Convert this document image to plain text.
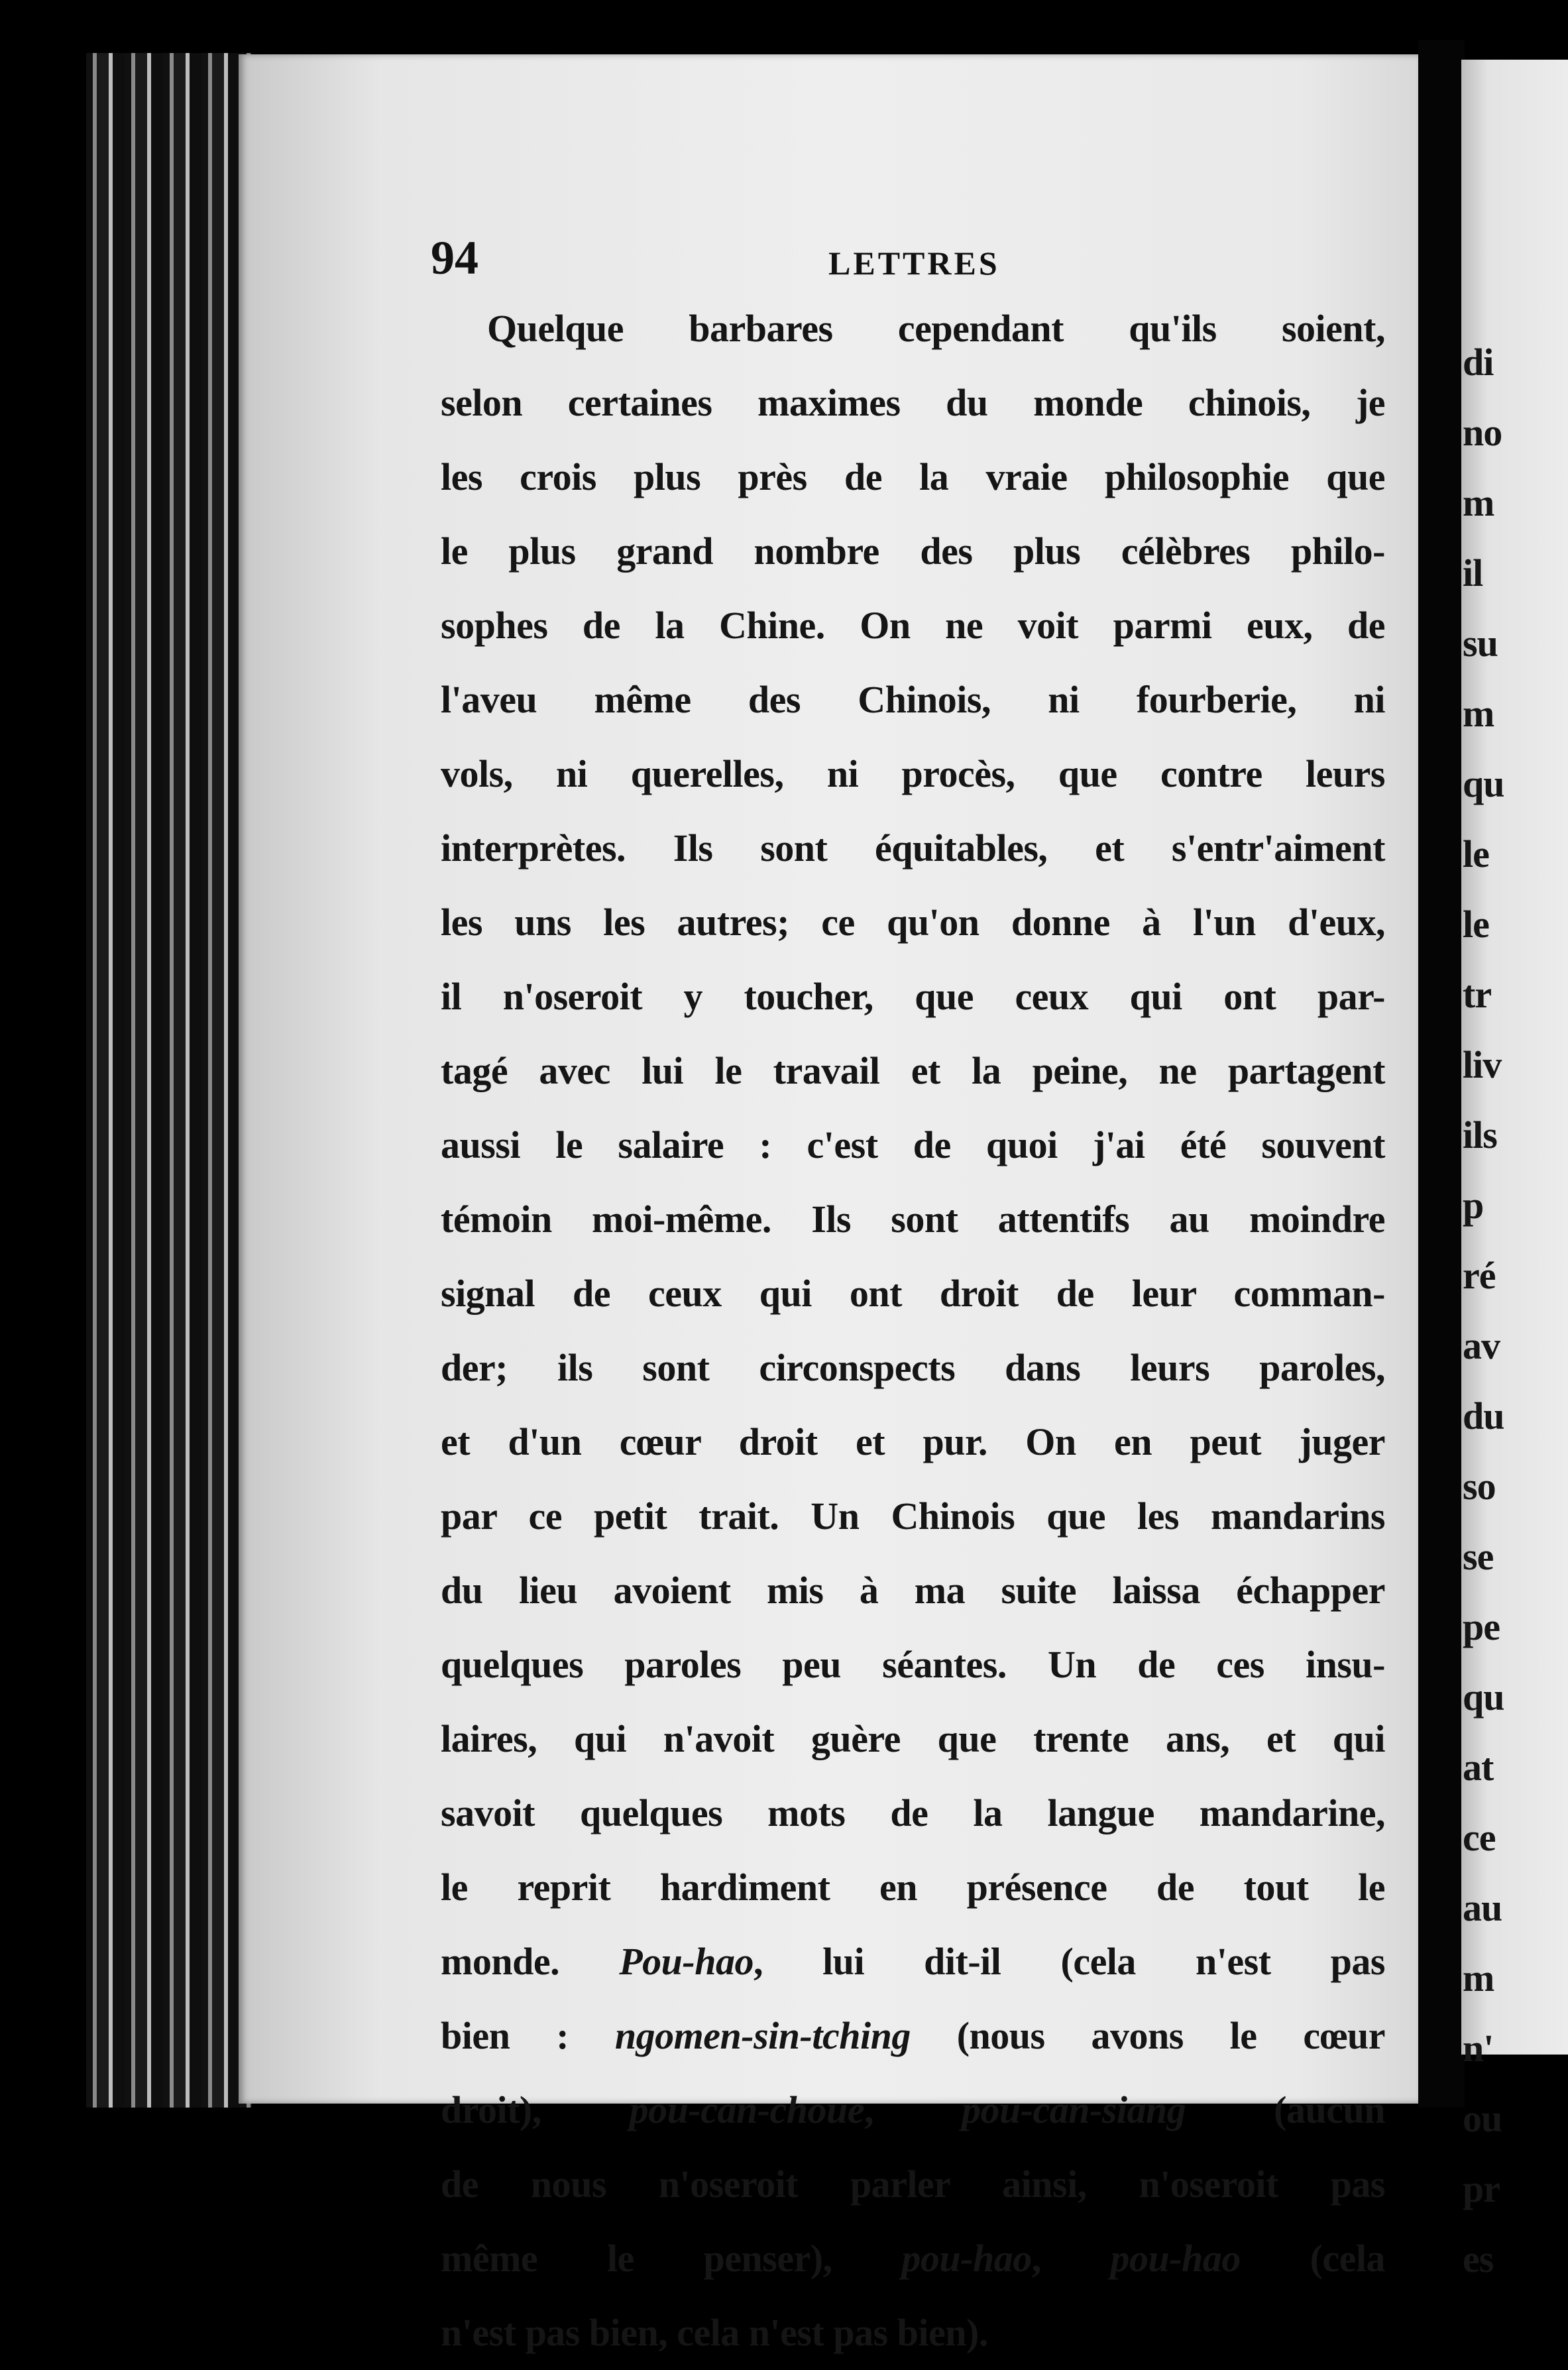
94	LETTRES
Quelque barbares cependant qu'ils soient,
selon certaines maximes du monde chinois, je
les crois plus près de la vraie philosophie que
le plus grand nombre des plus célèbres philo-
sophes de la Chine. On ne voit parmi eux, de
l'aveu même des Chinois, ni fourberie, ni
vols, ni querelles, ni procès, que contre leurs
interprètes. Ils sont équitables, et s'entr'aiment
les uns les autres; ce qu'on donne à l'un d'eux,
il n'oseroit y toucher, que ceux qui ont par-
tagé avec lui le travail et la peine, ne partagent
aussi le salaire : c'est de quoi j'ai été souvent
témoin moi-même. Ils sont attentifs au moindre
signal de ceux qui ont droit de leur comman-
der; ils sont circonspects dans leurs paroles,
et d'un cœur droit et pur. On en peut juger
par ce petit trait. Un Chinois que les mandarins
du lieu avoient mis à ma suite laissa échapper
quelques paroles peu séantes. Un de ces insu-
laires, qui n'avoit guère que trente ans, et qui
savoit quelques mots de la langue mandarine,
le reprit hardiment en présence de tout le
monde. Pou-hao, lui dit-il (cela n'est pas
bien : ngomen-sin-tching (nous avons le cœur
droit), pou-can-choue, pou-can-siang (aucun
de nous n'oseroit parler ainsi, n'oseroit pas
même le penser), pou-hao, pou-hao (cela
n'est pas bien, cela n'est pas bien).
di
no
m
il
su
m
qu
le
le
tr
liv
ils
p
ré
av
du
so
se
pe
qu
at
ce
au
m
n'
ou
pr
es
